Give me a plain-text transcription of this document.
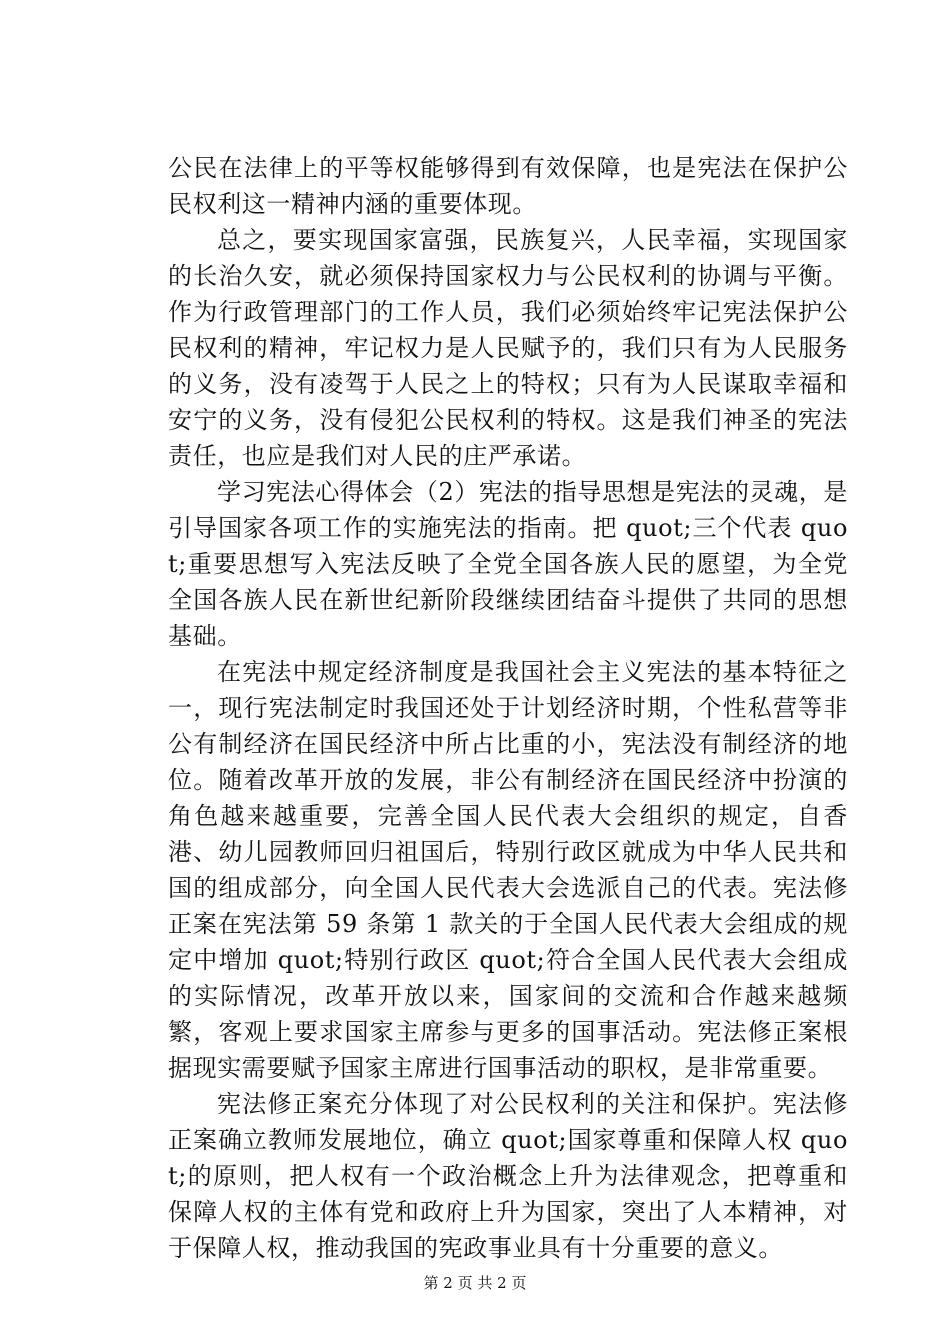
公民在法律上的平等权能够得到有效保障，也是宪法在保护公民权利这一精神内涵的重要体现。

总之，要实现国家富强，民族复兴，人民幸福，实现国家的长治久安，就必须保持国家权力与公民权利的协调与平衡。作为行政管理部门的工作人员，我们必须始终牢记宪法保护公民权利的精神，牢记权力是人民赋予的，我们只有为人民服务的义务，没有凌驾于人民之上的特权；只有为人民谋取幸福和安宁的义务，没有侵犯公民权利的特权。这是我们神圣的宪法责任，也应是我们对人民的庄严承诺。

学习宪法心得体会（2）宪法的指导思想是宪法的灵魂，是引导国家各项工作的实施宪法的指南。把 quot;三个代表 quot;重要思想写入宪法反映了全党全国各族人民的愿望，为全党全国各族人民在新世纪新阶段继续团结奋斗提供了共同的思想基础。

在宪法中规定经济制度是我国社会主义宪法的基本特征之一，现行宪法制定时我国还处于计划经济时期，个性私营等非公有制经济在国民经济中所占比重的小，宪法没有制经济的地位。随着改革开放的发展，非公有制经济在国民经济中扮演的角色越来越重要，完善全国人民代表大会组织的规定，自香港、幼儿园教师回归祖国后，特别行政区就成为中华人民共和国的组成部分，向全国人民代表大会选派自己的代表。宪法修正案在宪法第 59 条第 1 款关的于全国人民代表大会组成的规定中增加 quot;特别行政区 quot;符合全国人民代表大会组成的实际情况，改革开放以来，国家间的交流和合作越来越频繁，客观上要求国家主席参与更多的国事活动。宪法修正案根据现实需要赋予国家主席进行国事活动的职权，是非常重要。

宪法修正案充分体现了对公民权利的关注和保护。宪法修正案确立教师发展地位，确立 quot;国家尊重和保障人权 quot;的原则，把人权有一个政治概念上升为法律观念，把尊重和保障人权的主体有党和政府上升为国家，突出了人本精神，对于保障人权，推动我国的宪政事业具有十分重要的意义。

第 2 页 共 2 页
